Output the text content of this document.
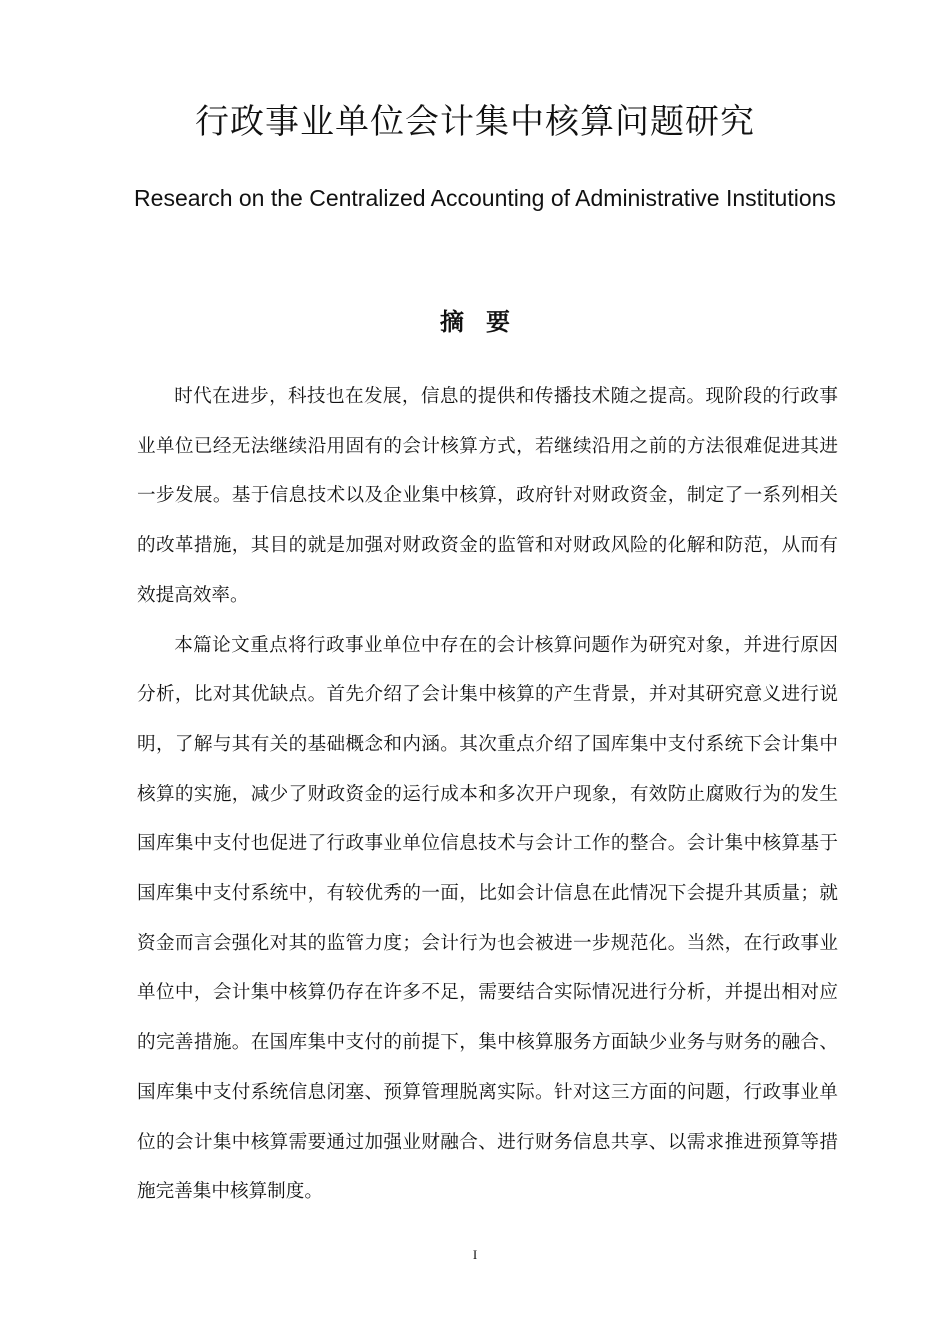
行政事业单位会计集中核算问题研究
Research on the Centralized Accounting of Administrative Institutions
摘要

时代在进步，科技也在发展，信息的提供和传播技术随之提高。现阶段的行政事业单位已经无法继续沿用固有的会计核算方式，若继续沿用之前的方法很难促进其进一步发展。基于信息技术以及企业集中核算，政府针对财政资金，制定了一系列相关的改革措施，其目的就是加强对财政资金的监管和对财政风险的化解和防范，从而有效提高效率。

本篇论文重点将行政事业单位中存在的会计核算问题作为研究对象，并进行原因分析，比对其优缺点。首先介绍了会计集中核算的产生背景，并对其研究意义进行说明，了解与其有关的基础概念和内涵。其次重点介绍了国库集中支付系统下会计集中核算的实施，减少了财政资金的运行成本和多次开户现象，有效防止腐败行为的发生国库集中支付也促进了行政事业单位信息技术与会计工作的整合。会计集中核算基于国库集中支付系统中，有较优秀的一面，比如会计信息在此情况下会提升其质量；就资金而言会强化对其的监管力度；会计行为也会被进一步规范化。当然，在行政事业单位中，会计集中核算仍存在许多不足，需要结合实际情况进行分析，并提出相对应的完善措施。在国库集中支付的前提下，集中核算服务方面缺少业务与财务的融合、国库集中支付系统信息闭塞、预算管理脱离实际。针对这三方面的问题，行政事业单位的会计集中核算需要通过加强业财融合、进行财务信息共享、以需求推进预算等措施完善集中核算制度。

I
